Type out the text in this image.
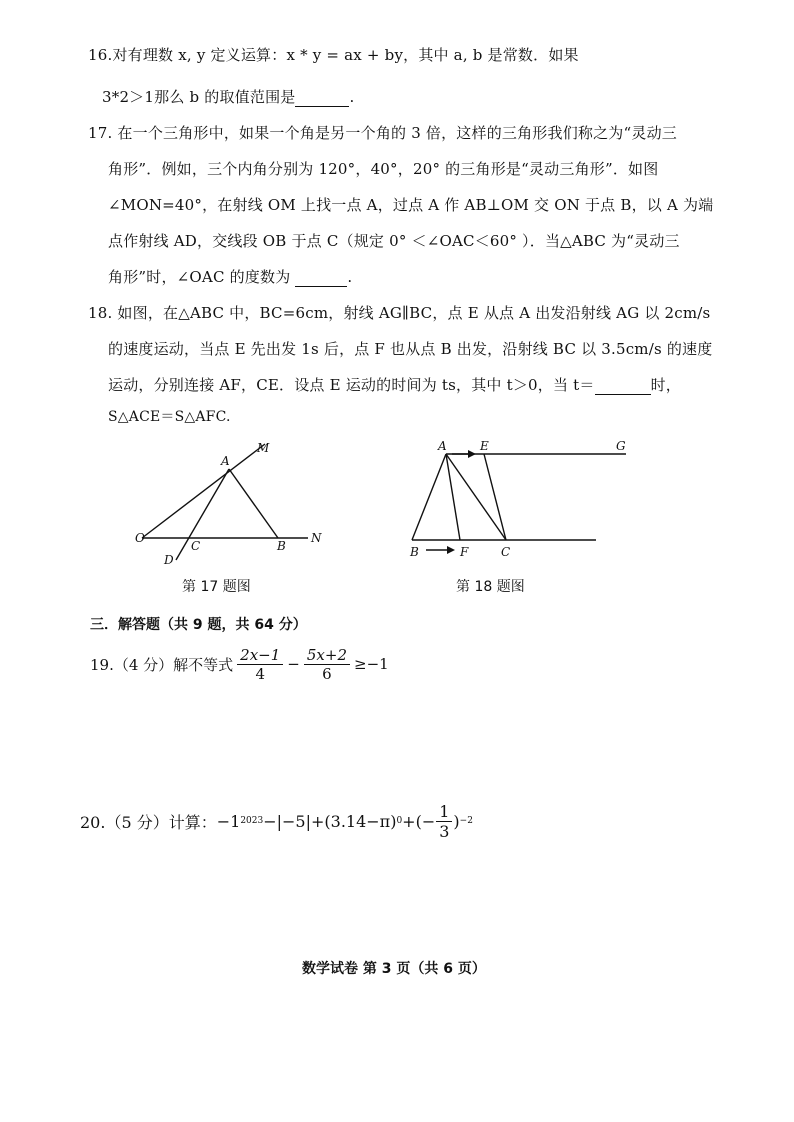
16.对有理数 x, y 定义运算：x * y = ax + by，其中 a, b 是常数．如果
3*2＞1那么 b 的取值范围是	.
17. 在一个三角形中，如果一个角是另一个角的 3 倍，这样的三角形我们称之为“灵动三
角形”．例如，三个内角分别为 120°，40°，20° 的三角形是“灵动三角形”．如图
∠MON=40°，在射线 OM 上找一点 A，过点 A 作 AB⊥OM 交 ON 于点 B，以 A 为端
点作射线 AD，交线段 OB 于点 C（规定 0° ＜∠OAC＜60° ）．当△ABC 为“灵动三
角形”时，∠OAC 的度数为	.
18. 如图，在△ABC 中，BC=6cm，射线 AG∥BC，点 E 从点 A 出发沿射线 AG 以 2cm/s
的速度运动，当点 E 先出发 1s 后，点 F 也从点 B 出发，沿射线 BC 以 3.5cm/s 的速度
运动，分别连接 AF，CE．设点 E 运动的时间为 ts，其中 t＞0，当 t＝	时，
S△ACE＝S△AFC.
M
A
O
C	B
N
D
第 17 题图
A	E	G
B	F	C
第 18 题图
三．解答题（共 9 题，共 64 分）
19.（4 分）解不等式 $\frac{2x-1}{4} - \frac{5x+2}{6} \ge-1$
20.（5 分）计算： −1 2023 −|−5|+(3.14−π) 0 +(− $\frac{1}{3}$ ) −2
数学试卷 第 3 页（共 6 页）
